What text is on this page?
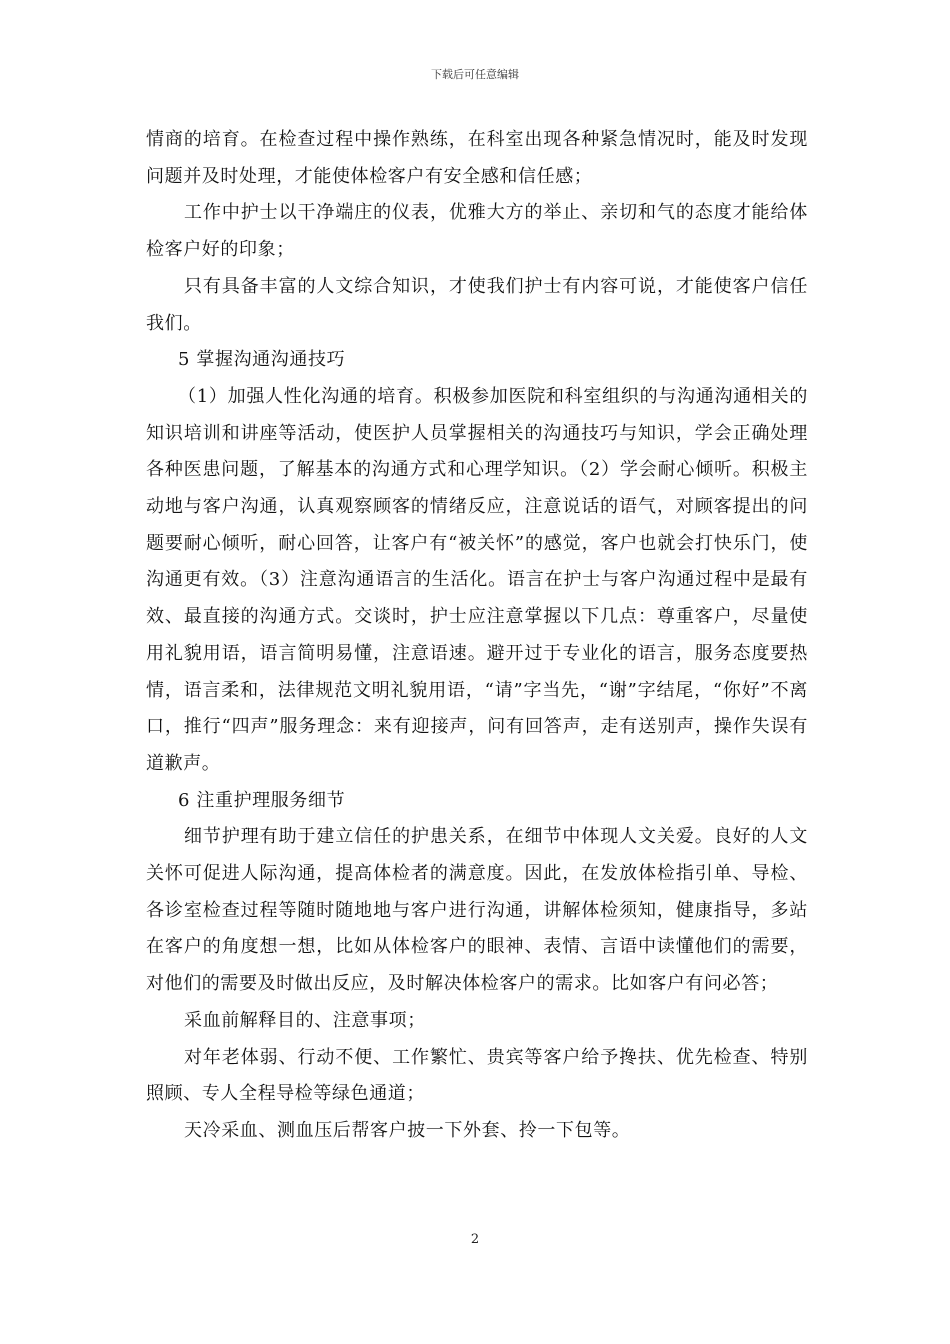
下载后可任意编辑

情商的培育。在检查过程中操作熟练，在科室出现各种紧急情况时，能及时发现问题并及时处理，才能使体检客户有安全感和信任感；

工作中护士以干净端庄的仪表，优雅大方的举止、亲切和气的态度才能给体检客户好的印象；

只有具备丰富的人文综合知识，才使我们护士有内容可说，才能使客户信任我们。

5 掌握沟通沟通技巧

（1）加强人性化沟通的培育。积极参加医院和科室组织的与沟通沟通相关的知识培训和讲座等活动，使医护人员掌握相关的沟通技巧与知识，学会正确处理各种医患问题，了解基本的沟通方式和心理学知识。（2）学会耐心倾听。积极主动地与客户沟通，认真观察顾客的情绪反应，注意说话的语气，对顾客提出的问题要耐心倾听，耐心回答，让客户有“被关怀”的感觉，客户也就会打快乐门，使沟通更有效。（3）注意沟通语言的生活化。语言在护士与客户沟通过程中是最有效、最直接的沟通方式。交谈时，护士应注意掌握以下几点：尊重客户，尽量使用礼貌用语，语言简明易懂，注意语速。避开过于专业化的语言，服务态度要热情，语言柔和，法律规范文明礼貌用语，“请”字当先，“谢”字结尾，“你好”不离口，推行“四声”服务理念：来有迎接声，问有回答声，走有送别声，操作失误有道歉声。

6 注重护理服务细节

细节护理有助于建立信任的护患关系，在细节中体现人文关爱。良好的人文关怀可促进人际沟通，提高体检者的满意度。因此，在发放体检指引单、导检、各诊室检查过程等随时随地地与客户进行沟通，讲解体检须知，健康指导，多站在客户的角度想一想，比如从体检客户的眼神、表情、言语中读懂他们的需要，对他们的需要及时做出反应，及时解决体检客户的需求。比如客户有问必答；

采血前解释目的、注意事项；

对年老体弱、行动不便、工作繁忙、贵宾等客户给予搀扶、优先检查、特别照顾、专人全程导检等绿色通道；

天冷采血、测血压后帮客户披一下外套、拎一下包等。

2
